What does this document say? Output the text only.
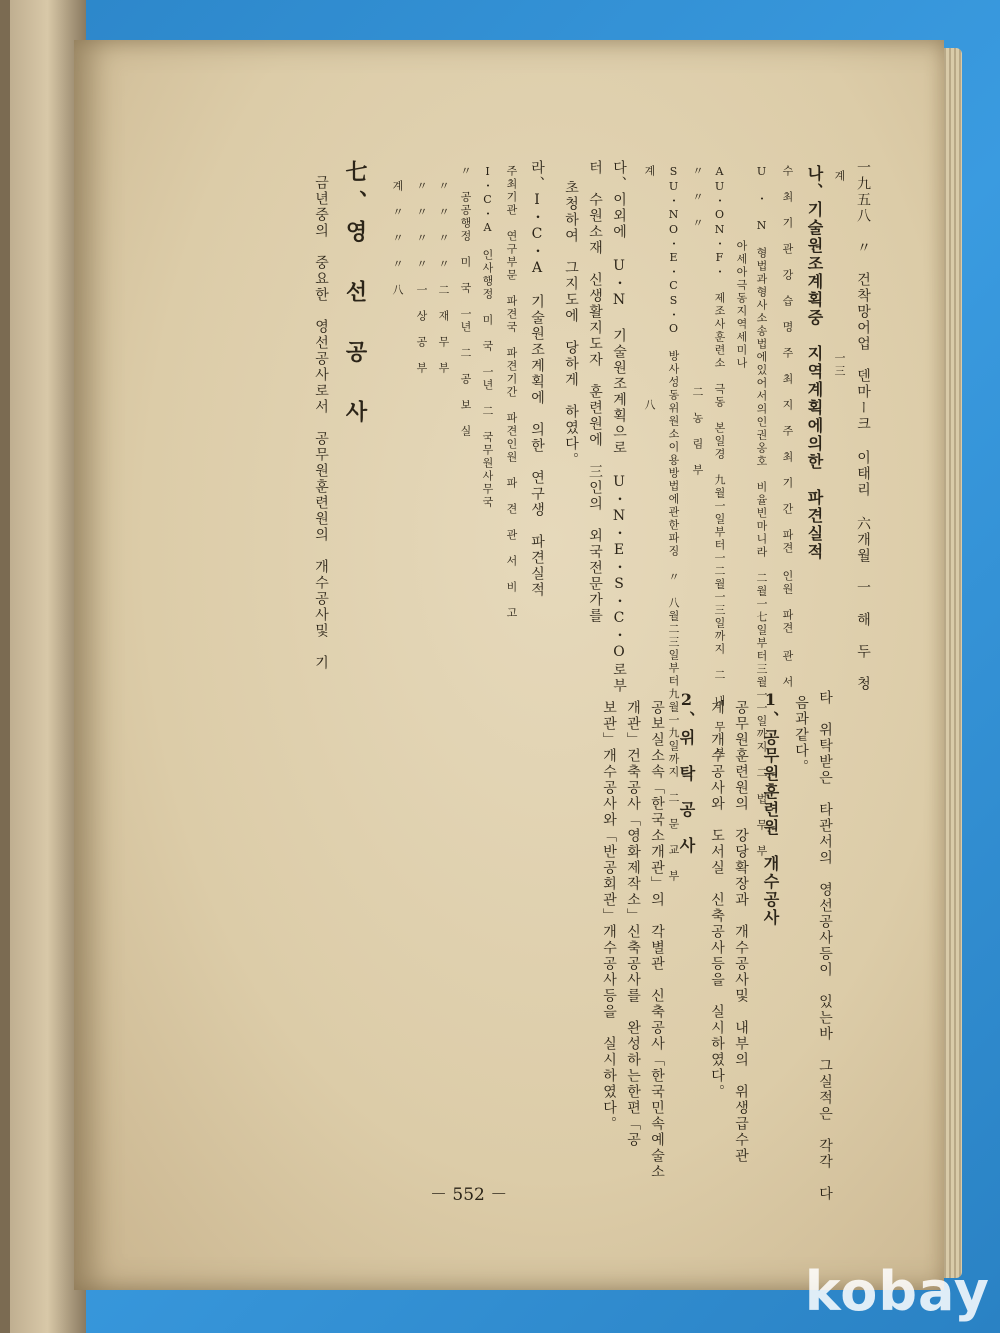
一九五八　〃　건착망어업　덴마ー크 이태리 六개월　一　해　두　청
계　　　　　　　　　　　　　一三
나、기술원조계획중　지역계획에의한　파견실적
수　최　기　관　강　습　명　주　최　지　주　최　기　간　파견 인원　파견 관　서
U　・　N　형법과형사소송법에있어서의인권옹호　비율빈마니라　二월一七일부터三월一一일까지　二　법　무　부
아세아극동지역세미나　　　　　　　　　　　　　　　
AU・ON・F・　제조사훈련소　극동　본일경　九월一일부터一二월一三일까지　二　내　무　부
〃　〃　〃　　　　　　　　　　　　二　농　림　부
SU・NO・E・CS・O　방사성동위원소이용방법에관한파징　〃　八월二三일부터九월一九일까지　二　문　교　부
계　　　　　　　　　　　　　　　　　八
다、이외에 U・N 기술원조계획으로 U・N・E・S・C・O로부
터　수원소재　신생활지도자　훈련원에　三인의　외국전문가를
초청하여　그지도에　당하게　하였다。
라、I・C・A　기술원조계획에　의한　연구생　파견실적
주최기관　연구부문　파견국　파견기간　파견인원　파　견　관　서　비　고
I・C・A　인사행정　미　국　一년　二　국무원사무국
〃　공공행정　미　국　一년　二　공　보　실
〃　〃　〃　〃　二　재　무　부
〃　〃　〃　〃　一　상　공　부
계　〃　〃　〃　八
七、영　선　공　사
금년중의　중요한　영선공사로서　공무원훈련원의　개수공사및　기
타　위탁받은　타관서의　영선공사등이　있는바　그실적은　각각　다
음과같다。
1、공무원훈련원　개수공사
공무원훈련원의　강당확장과　개수공사및　내부의　위생급수관
계　개수공사와　도서실　신축공사등을　실시하였다。
2、위　탁　공　사
공보실소속「한국소개관」의　각별관　신축공사「한국민속예술소
개관」건축공사「영화제작소」신축공사를　완성하는한편「공
보관」개수공사와「반공회관」개수공사등을　실시하였다。
－ 552 －
kobay
